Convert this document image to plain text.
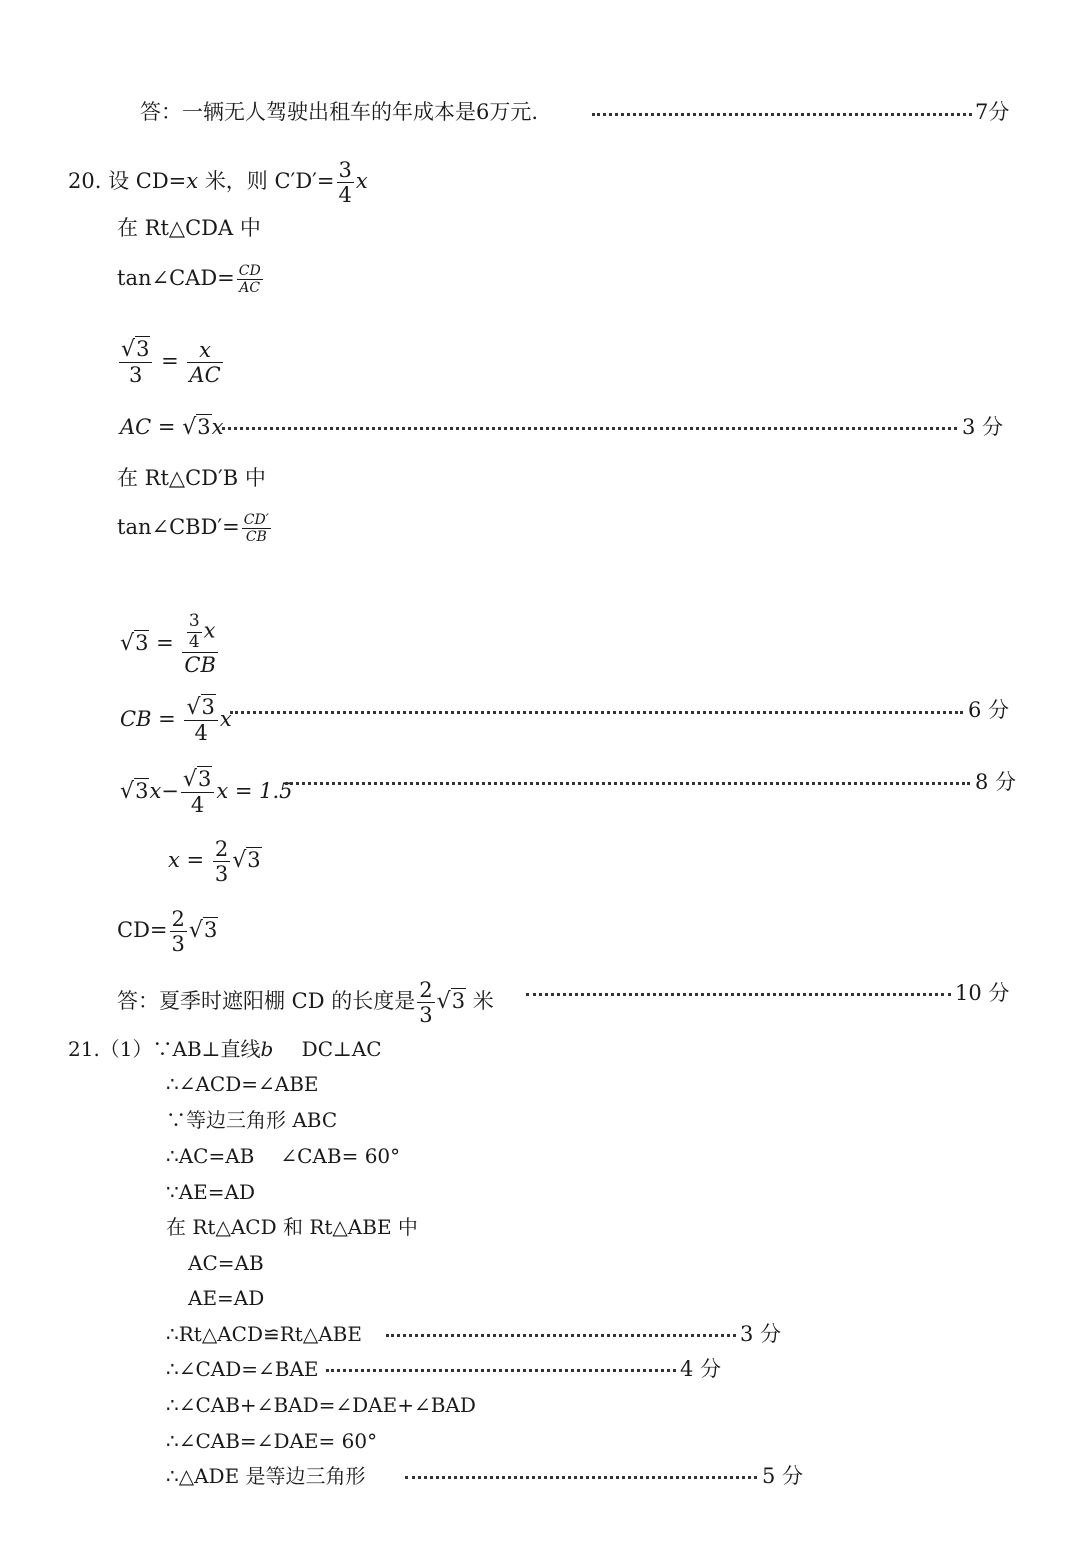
答：一辆无人驾驶出租车的年成本是6万元.	7分
20. 设 CD=x 米，则 $C'D'= \frac{3}{4}$ x
在 Rt△CDA 中
tan∠CAD= $\frac{CD}{AC}$
$\frac{√3}{3} = \frac{x}{AC}$
AC = √3x	3 分
在 Rt△CD′B 中
tan∠CBD′= $\frac{CD'}{CB}$
$√3 = \frac{\frac{3}{4} x}{CB}$
CB = $\frac{√3}{4}$ x	6 分
$√3x- \frac{√3}{4}$ x = 1.5	8 分
$x = \frac{2}{3} √3$
$CD= \frac{2}{3} √3$
答：夏季时遮阳棚 CD 的长度是 $\frac{2}{3} √3$ 米	10 分
21.（1）∵AB⊥直线b DC⊥AC
∴∠ACD=∠ABE
∵等边三角形 ABC
∴AC=AB ∠CAB= 60°
∵AE=AD
在 Rt△ACD 和 Rt△ABE 中
AC=AB
AE=AD
∴Rt△ACD≌Rt△ABE	3 分
∴∠CAD=∠BAE	4 分
∴∠CAB+∠BAD=∠DAE+∠BAD
∴∠CAB=∠DAE= 60°
∴△ADE 是等边三角形	5 分
